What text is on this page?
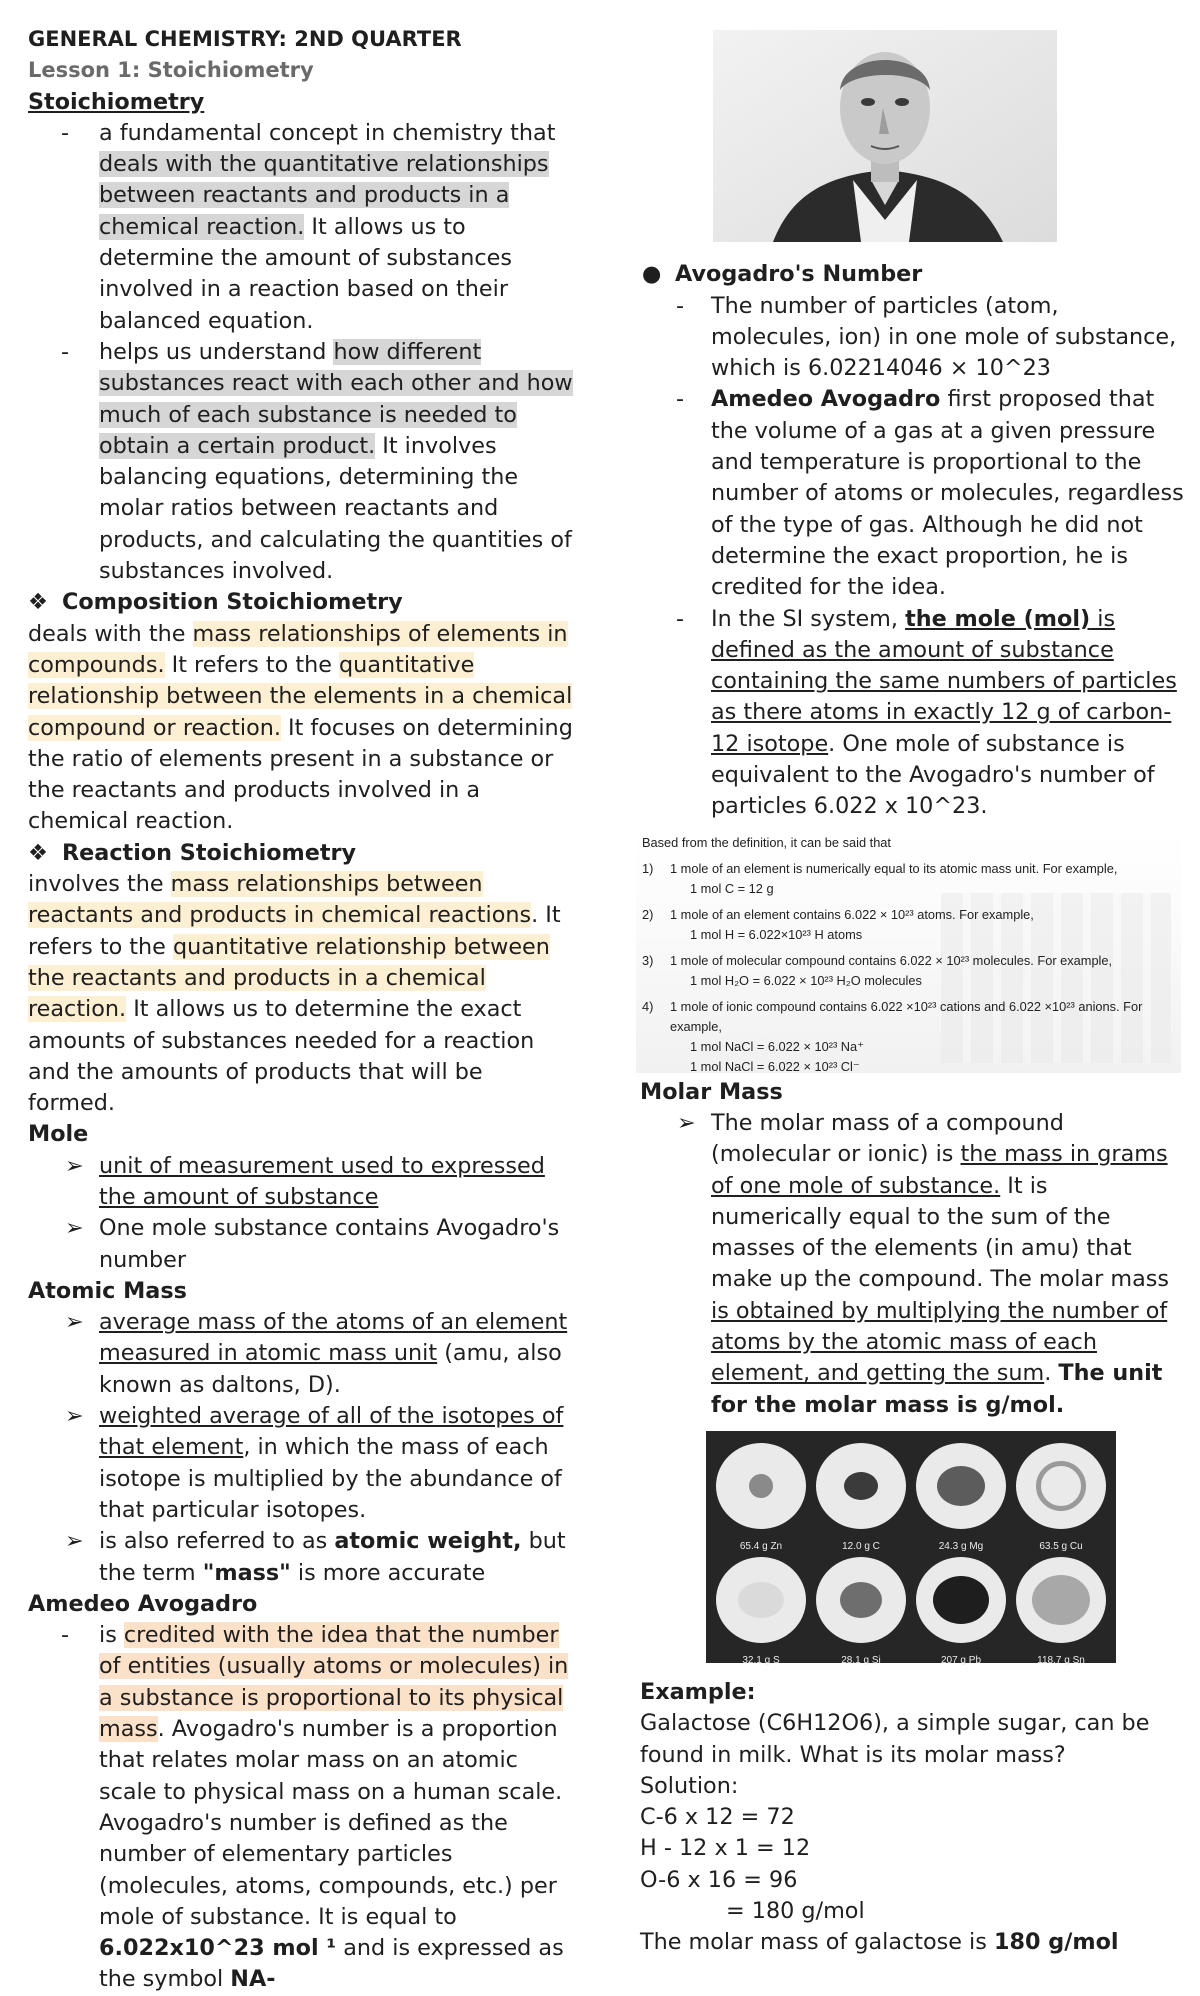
GENERAL CHEMISTRY: 2ND QUARTER

Lesson 1: Stoichiometry

Stoichiometry

- a fundamental concept in chemistry that deals with the quantitative relationships between reactants and products in a chemical reaction. It allows us to determine the amount of substances involved in a reaction based on their balanced equation.
- helps us understand how different substances react with each other and how much of each substance is needed to obtain a certain product. It involves balancing equations, determining the molar ratios between reactants and products, and calculating the quantities of substances involved.

❖ Composition Stoichiometry

deals with the mass relationships of elements in compounds. It refers to the quantitative relationship between the elements in a chemical compound or reaction. It focuses on determining the ratio of elements present in a substance or the reactants and products involved in a chemical reaction.

❖ Reaction Stoichiometry

involves the mass relationships between reactants and products in chemical reactions. It refers to the quantitative relationship between the reactants and products in a chemical reaction. It allows us to determine the exact amounts of substances needed for a reaction and the amounts of products that will be formed.

Mole

➢ unit of measurement used to expressed the amount of substance
➢ One mole substance contains Avogadro's number

Atomic Mass

➢ average mass of the atoms of an element measured in atomic mass unit (amu, also known as daltons, D).
➢ weighted average of all of the isotopes of that element, in which the mass of each isotope is multiplied by the abundance of that particular isotopes.
➢ is also referred to as atomic weight, but the term "mass" is more accurate

Amedeo Avogadro

- is credited with the idea that the number of entities (usually atoms or molecules) in a substance is proportional to its physical mass. Avogadro's number is a proportion that relates molar mass on an atomic scale to physical mass on a human scale. Avogadro's number is defined as the number of elementary particles (molecules, atoms, compounds, etc.) per mole of substance. It is equal to 6.022x10^23 mol ¹ and is expressed as the symbol NA-
● Avogadro's Number
- The number of particles (atom, molecules, ion) in one mole of substance, which is 6.02214046 × 10^23
- Amedeo Avogadro first proposed that the volume of a gas at a given pressure and temperature is proportional to the number of atoms or molecules, regardless of the type of gas. Although he did not determine the exact proportion, he is credited for the idea.
- In the SI system, the mole (mol) is defined as the amount of substance containing the same numbers of particles as there atoms in exactly 12 g of carbon-12 isotope. One mole of substance is equivalent to the Avogadro's number of particles 6.022 x 10^23.
Based from the definition, it can be said that
1)	1 mole of an element is numerically equal to its atomic mass unit. For example,
1 mol C = 12 g
2)	1 mole of an element contains 6.022 × 10²³ atoms. For example,
1 mol H = 6.022×10²³ H atoms
3)	1 mole of molecular compound contains 6.022 × 10²³ molecules. For example,
1 mol H₂O = 6.022 × 10²³ H₂O molecules
4)	1 mole of ionic compound contains 6.022 ×10²³ cations and 6.022 ×10²³ anions. For example,
1 mol NaCl = 6.022 × 10²³ Na⁺
1 mol NaCl = 6.022 × 10²³ Cl⁻

Molar Mass

➢ The molar mass of a compound (molecular or ionic) is the mass in grams of one mole of substance. It is numerically equal to the sum of the masses of the elements (in amu) that make up the compound. The molar mass is obtained by multiplying the number of atoms by the atomic mass of each element, and getting the sum. The unit for the molar mass is g/mol.
65.4 g Zn	12.0 g C	24.3 g Mg	63.5 g Cu
32.1 g S	28.1 g Si	207 g Pb	118.7 g Sn

Example:

Galactose (C6H12O6), a simple sugar, can be found in milk. What is its molar mass?

Solution:

C-6 x 12 = 72

H - 12 x 1 = 12

O-6 x 16 = 96

= 180 g/mol

The molar mass of galactose is 180 g/mol
